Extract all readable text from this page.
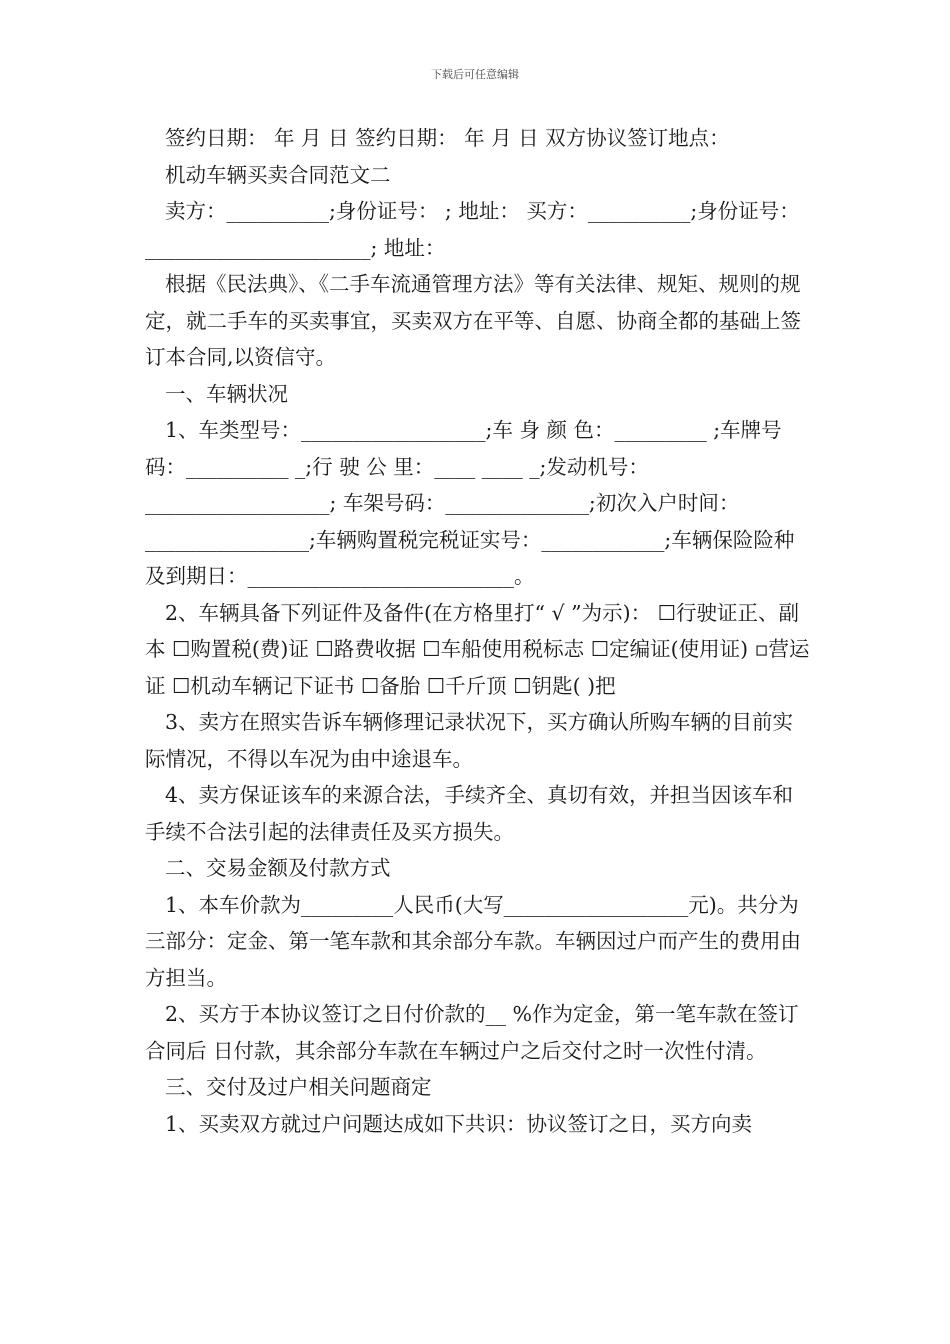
下载后可任意编辑

签约日期： 年 月 日 签约日期： 年 月 日 双方协议签订地点：

机动车辆买卖合同范文二

卖方：__________;身份证号： ; 地址： 买方：__________;身份证号：______________________; 地址：

根据《民法典》、《二手车流通管理方法》等有关法律、规矩、规则的规定，就二手车的买卖事宜，买卖双方在平等、自愿、协商全都的基础上签订本合同,以资信守。

一、车辆状况

1、车类型号：__________________;车 身 颜 色：_________ ;车牌号码：__________ _;行 驶 公 里：____ ____ _;发动机号：__________________; 车架号码：______________;初次入户时间：________________;车辆购置税完税证实号：____________;车辆保险险种及到期日：__________________________。

2、车辆具备下列证件及备件(在方格里打“ √ ”为示)： ☐行驶证正、副本 ☐购置税(费)证 ☐路费收据 ☐车船使用税标志 ☐定编证(使用证) ▫营运证 ☐机动车辆记下证书 ☐备胎 ☐千斤顶 ☐钥匙( )把

3、卖方在照实告诉车辆修理记录状况下，买方确认所购车辆的目前实际情况，不得以车况为由中途退车。

4、卖方保证该车的来源合法，手续齐全、真切有效，并担当因该车和手续不合法引起的法律责任及买方损失。

二、交易金额及付款方式

1、本车价款为_________人民币(大写__________________元)。共分为三部分：定金、第一笔车款和其余部分车款。车辆因过户而产生的费用由 方担当。

2、买方于本协议签订之日付价款的__ %作为定金，第一笔车款在签订合同后 日付款，其余部分车款在车辆过户之后交付之时一次性付清。

三、交付及过户相关问题商定

1、买卖双方就过户问题达成如下共识：协议签订之日，买方向卖
